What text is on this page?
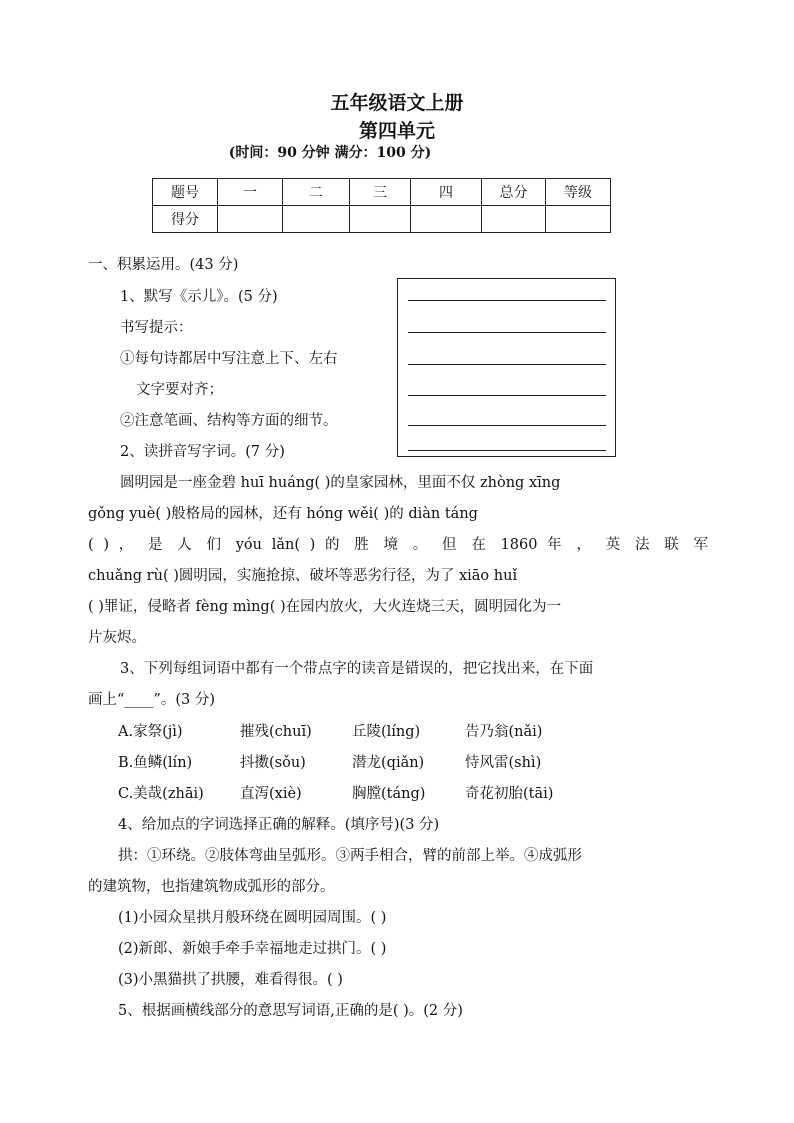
五年级语文上册
第四单元
(时间：90 分钟 满分：100 分)
题号	一	二	三	四	总分	等级
得分						
一、积累运用。(43 分)
1、默写《示儿》。(5 分)
书写提示：
①每句诗都居中写注意上下、左右
文字要对齐；
②注意笔画、结构等方面的细节。
2、读拼音写字词。(7 分)
圆明园是一座金碧 huī huáng( )的皇家园林，里面不仅 zhòng xīng
gǒng yuè( )般格局的园林，还有 hóng wěi( )的 diàn táng
( ) ， 是 人 们 yóu lǎn( ) 的 胜 境 。 但 在 1860 年 ， 英 法 联 军
chuǎng rù( )圆明园，实施抢掠、破坏等恶劣行径，为了 xiāo huǐ
( )罪证，侵略者 fèng mìng( )在园内放火，大火连烧三天，圆明园化为一
片灰烬。
3、下列每组词语中都有一个带点字的读音是错误的，把它找出来，在下面
画上“____”。(3 分)
A.家祭(jì)	摧残(chuī)	丘陵(líng)	告乃翁(nǎi)
B.鱼鳞(lín)	抖擞(sǒu)	潜龙(qiǎn)	恃风雷(shì)
C.美哉(zhāi) 直泻(xiè)	胸膛(táng)	奇花初胎(tāi)
4、给加点的字词选择正确的解释。(填序号)(3 分)
拱：①环绕。②肢体弯曲呈弧形。③两手相合，臂的前部上举。④成弧形
的建筑物，也指建筑物成弧形的部分。
(1)小园众星拱月般环绕在圆明园周围。( )
(2)新郎、新娘手牵手幸福地走过拱门。( )
(3)小黑猫拱了拱腰，难看得很。( )
5、根据画横线部分的意思写词语,正确的是( )。(2 分)
